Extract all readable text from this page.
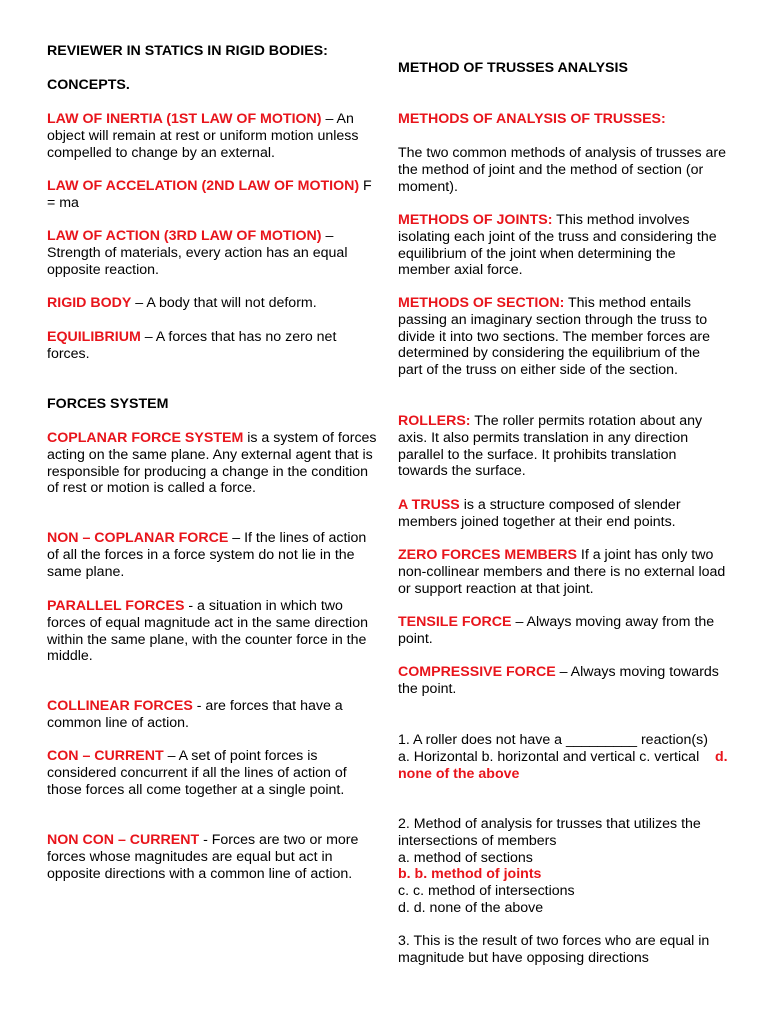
REVIEWER IN STATICS IN RIGID BODIES:

CONCEPTS.

LAW OF INERTIA (1ST LAW OF MOTION) – An object will remain at rest or uniform motion unless compelled to change by an external.

LAW OF ACCELATION (2ND LAW OF MOTION) F = ma

LAW OF ACTION (3RD LAW OF MOTION) – Strength of materials, every action has an equal opposite reaction.

RIGID BODY – A body that will not deform.

EQUILIBRIUM – A forces that has no zero net forces.

FORCES SYSTEM

COPLANAR FORCE SYSTEM is a system of forces acting on the same plane. Any external agent that is responsible for producing a change in the condition of rest or motion is called a force.

NON – COPLANAR FORCE – If the lines of action of all the forces in a force system do not lie in the same plane.

PARALLEL FORCES - a situation in which two
forces of equal magnitude act in the same direction within the same plane, with the counter force in the middle.

COLLINEAR FORCES - are forces that have a common line of action.

CON – CURRENT – A set of point forces is considered concurrent if all the lines of action of those forces all come together at a single point.

NON CON – CURRENT - Forces are two or more forces whose magnitudes are equal but act in opposite directions with a common line of action.

METHOD OF TRUSSES ANALYSIS

METHODS OF ANALYSIS OF TRUSSES:

The two common methods of analysis of trusses are the method of joint and the method of section (or moment).

METHODS OF JOINTS: This method involves isolating each joint of the truss and considering the equilibrium of the joint when determining the member axial force.

METHODS OF SECTION: This method entails passing an imaginary section through the truss to divide it into two sections. The member forces are determined by considering the equilibrium of the part of the truss on either side of the section.

ROLLERS: The roller permits rotation about any axis. It also permits translation in any direction parallel to the surface. It prohibits translation towards the surface.

A TRUSS is a structure composed of slender members joined together at their end points.

ZERO FORCES MEMBERS If a joint has only two non-collinear members and there is no external load or support reaction at that joint.

TENSILE FORCE – Always moving away from the point.

COMPRESSIVE FORCE – Always moving towards the point.

1. A roller does not have a _________ reaction(s)

a. Horizontal b. horizontal and vertical c. vertical d. none of the above

2. Method of analysis for trusses that utilizes the intersections of members

a. method of sections

b. b. method of joints

c. c. method of intersections

d. d. none of the above

3. This is the result of two forces who are equal in magnitude but have opposing directions
